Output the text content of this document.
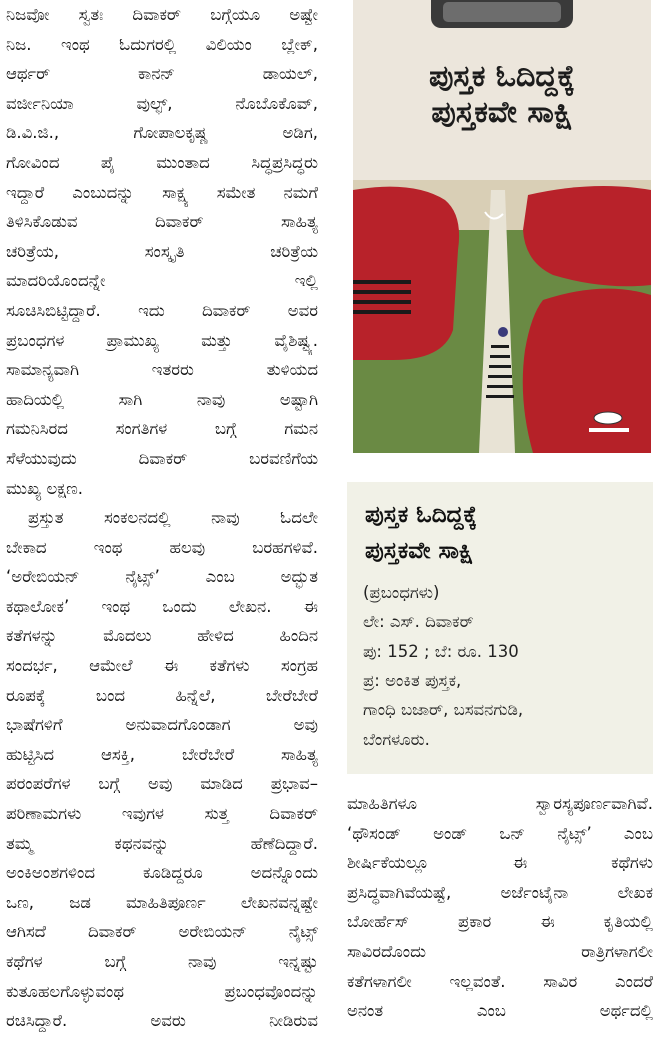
ನಿಜವೋ ಸ್ವತಃ ದಿವಾಕರ್ ಬಗ್ಗೆಯೂ ಅಷ್ಟೇ
ನಿಜ. ಇಂಥ ಓದುಗರಲ್ಲಿ ವಿಲಿಯಂ ಬ್ಲೇಕ್,
ಆರ್ಥರ್ ಕಾನನ್ ಡಾಯಲ್,
ವರ್ಜೀನಿಯಾ ವುಲ್ಫ್, ನೊಬೊಕೊವ್,
ಡಿ.ವಿ.ಜಿ., ಗೋಪಾಲಕೃಷ್ಣ ಅಡಿಗ,
ಗೋವಿಂದ ಪೈ ಮುಂತಾದ ಸಿದ್ಧಪ್ರಸಿದ್ಧರು
ಇದ್ದಾರೆ ಎಂಬುದನ್ನು ಸಾಕ್ಷ್ಯ ಸಮೇತ ನಮಗೆ
ತಿಳಿಸಿಕೊಡುವ ದಿವಾಕರ್ ಸಾಹಿತ್ಯ
ಚರಿತ್ರೆಯ, ಸಂಸ್ಕೃತಿ ಚರಿತ್ರೆಯ
ಮಾದರಿಯೊಂದನ್ನೇ ಇಲ್ಲಿ
ಸೂಚಿಸಿಬಿಟ್ಟಿದ್ದಾರೆ. ಇದು ದಿವಾಕರ್ ಅವರ
ಪ್ರಬಂಧಗಳ ಪ್ರಾಮುಖ್ಯ ಮತ್ತು ವೈಶಿಷ್ಟ್ಯ.
ಸಾಮಾನ್ಯವಾಗಿ ಇತರರು ತುಳಿಯದ
ಹಾದಿಯಲ್ಲಿ ಸಾಗಿ ನಾವು ಅಷ್ಟಾಗಿ
ಗಮನಿಸಿರದ ಸಂಗತಿಗಳ ಬಗ್ಗೆ ಗಮನ
ಸೆಳೆಯುವುದು ದಿವಾಕರ್ ಬರವಣಿಗೆಯ
ಮುಖ್ಯ ಲಕ್ಷಣ.
ಪ್ರಸ್ತುತ ಸಂಕಲನದಲ್ಲಿ ನಾವು ಓದಲೇ
ಬೇಕಾದ ಇಂಥ ಹಲವು ಬರಹಗಳಿವೆ.
‘ಅರೇಬಿಯನ್ ನೈಟ್ಸ್’ ಎಂಬ ಅದ್ಭುತ
ಕಥಾಲೋಕ’ ಇಂಥ ಒಂದು ಲೇಖನ. ಈ
ಕತೆಗಳನ್ನು ಮೊದಲು ಹೇಳಿದ ಹಿಂದಿನ
ಸಂದರ್ಭ, ಆಮೇಲೆ ಈ ಕತೆಗಳು ಸಂಗ್ರಹ
ರೂಪಕ್ಕೆ ಬಂದ ಹಿನ್ನೆಲೆ, ಬೇರೆಬೇರೆ
ಭಾಷೆಗಳಿಗೆ ಅನುವಾದಗೊಂಡಾಗ ಅವು
ಹುಟ್ಟಿಸಿದ ಆಸಕ್ತಿ, ಬೇರೆಬೇರೆ ಸಾಹಿತ್ಯ
ಪರಂಪರೆಗಳ ಬಗ್ಗೆ ಅವು ಮಾಡಿದ ಪ್ರಭಾವ–
ಪರಿಣಾಮಗಳು ಇವುಗಳ ಸುತ್ತ ದಿವಾಕರ್
ತಮ್ಮ ಕಥನವನ್ನು ಹೆಣೆದಿದ್ದಾರೆ.
ಅಂಕಿಅಂಶಗಳಿಂದ ಕೂಡಿದ್ದರೂ ಅದನ್ನೊಂದು
ಒಣ, ಜಡ ಮಾಹಿತಿಪೂರ್ಣ ಲೇಖನವನ್ನಷ್ಟೇ
ಆಗಿಸದೆ ದಿವಾಕರ್ ಅರೇಬಿಯನ್ ನೈಟ್ಸ್
ಕಥೆಗಳ ಬಗ್ಗೆ ನಾವು ಇನ್ನಷ್ಟು
ಕುತೂಹಲಗೊಳ್ಳುವಂಥ ಪ್ರಬಂಧವೊಂದನ್ನು
ರಚಿಸಿದ್ದಾರೆ. ಅವರು ನೀಡಿರುವ
ಪುಸ್ತಕ ಓದಿದ್ದಕ್ಕೆ
ಪುಸ್ತಕವೇ ಸಾಕ್ಷಿ
ಪುಸ್ತಕ ಓದಿದ್ದಕ್ಕೆ
ಪುಸ್ತಕವೇ ಸಾಕ್ಷಿ
(ಪ್ರಬಂಧಗಳು)
ಲೇ: ಎಸ್. ದಿವಾಕರ್
ಪು: 152 ; ಬೆ: ರೂ. 130
ಪ್ರ: ಅಂಕಿತ ಪುಸ್ತಕ,
ಗಾಂಧಿ ಬಜಾರ್, ಬಸವನಗುಡಿ,
ಬೆಂಗಳೂರು.
ಮಾಹಿತಿಗಳೂ ಸ್ವಾರಸ್ಯಪೂರ್ಣವಾಗಿವೆ.
‘ಥೌಸಂಡ್ ಅಂಡ್ ಒನ್ ನೈಟ್ಸ್’ ಎಂಬ
ಶೀರ್ಷಿಕೆಯಲ್ಲೂ ಈ ಕಥೆಗಳು
ಪ್ರಸಿದ್ಧವಾಗಿವೆಯಷ್ಟೆ, ಅರ್ಜೆಂಟೈನಾ ಲೇಖಕ
ಬೋರ್ಹೆಸ್ ಪ್ರಕಾರ ಈ ಕೃತಿಯಲ್ಲಿ
ಸಾವಿರದೊಂದು ರಾತ್ರಿಗಳಾಗಲೀ
ಕತೆಗಳಾಗಲೀ ಇಲ್ಲವಂತೆ. ಸಾವಿರ ಎಂದರೆ
ಅನಂತ ಎಂಬ ಅರ್ಥದಲ್ಲಿ
